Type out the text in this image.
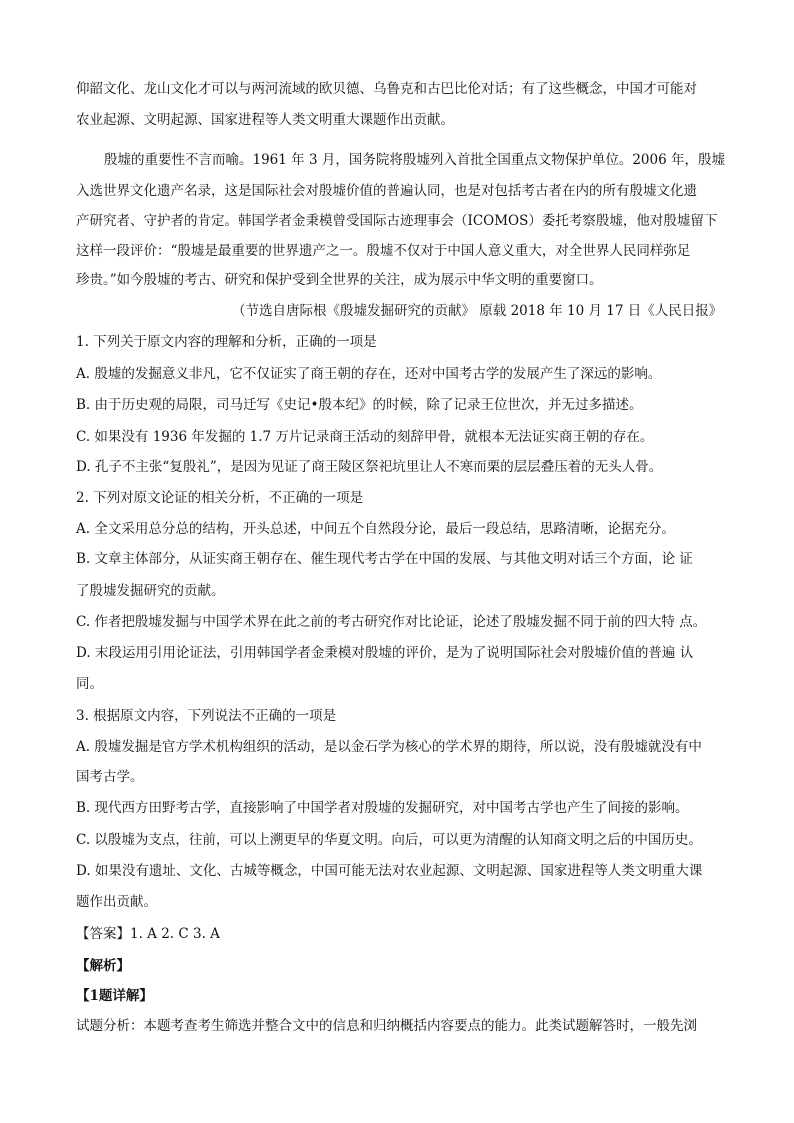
仰韶文化、龙山文化才可以与两河流域的欧贝德、乌鲁克和古巴比伦对话；有了这些概念，中国才可能对
农业起源、文明起源、国家进程等人类文明重大课题作出贡献。
殷墟的重要性不言而喻。1961 年 3 月，国务院将殷墟列入首批全国重点文物保护单位。2006 年，殷墟
入选世界文化遗产名录，这是国际社会对殷墟价值的普遍认同，也是对包括考古者在内的所有殷墟文化遗
产研究者、守护者的肯定。韩国学者金秉模曾受国际古迹理事会（ICOMOS）委托考察殷墟，他对殷墟留下
这样一段评价：“殷墟是最重要的世界遗产之一。殷墟不仅对于中国人意义重大，对全世界人民同样弥足
珍贵。”如今殷墟的考古、研究和保护受到全世界的关注，成为展示中华文明的重要窗口。
（节选自唐际根《殷墟发掘研究的贡献》 原载 2018 年 10 月 17 日《人民日报》
1. 下列关于原文内容的理解和分析，正确的一项是
A. 殷墟的发掘意义非凡，它不仅证实了商王朝的存在，还对中国考古学的发展产生了深远的影响。
B. 由于历史观的局限，司马迁写《史记•殷本纪》的时候，除了记录王位世次，并无过多描述。
C. 如果没有 1936 年发掘的 1.7 万片记录商王活动的刻辞甲骨，就根本无法证实商王朝的存在。
D. 孔子不主张“复殷礼”，是因为见证了商王陵区祭祀坑里让人不寒而栗的层层叠压着的无头人骨。
2. 下列对原文论证的相关分析，不正确的一项是
A. 全文采用总分总的结构，开头总述，中间五个自然段分论，最后一段总结，思路清晰，论据充分。
B. 文章主体部分，从证实商王朝存在、催生现代考古学在中国的发展、与其他文明对话三个方面，论 证
了殷墟发掘研究的贡献。
C. 作者把殷墟发掘与中国学术界在此之前的考古研究作对比论证，论述了殷墟发掘不同于前的四大特 点。
D. 末段运用引用论证法，引用韩国学者金秉模对殷墟的评价，是为了说明国际社会对殷墟价值的普遍 认
同。
3. 根据原文内容，下列说法不正确的一项是
A. 殷墟发掘是官方学术机构组织的活动，是以金石学为核心的学术界的期待，所以说，没有殷墟就没有中
国考古学。
B. 现代西方田野考古学，直接影响了中国学者对殷墟的发掘研究，对中国考古学也产生了间接的影响。
C. 以殷墟为支点，往前，可以上溯更早的华夏文明。向后，可以更为清醒的认知商文明之后的中国历史。
D. 如果没有遗址、文化、古城等概念，中国可能无法对农业起源、文明起源、国家进程等人类文明重大课
题作出贡献。
【答案】1. A 2. C 3. A
【解析】
【1题详解】
试题分析：本题考查考生筛选并整合文中的信息和归纳概括内容要点的能力。此类试题解答时，一般先浏
